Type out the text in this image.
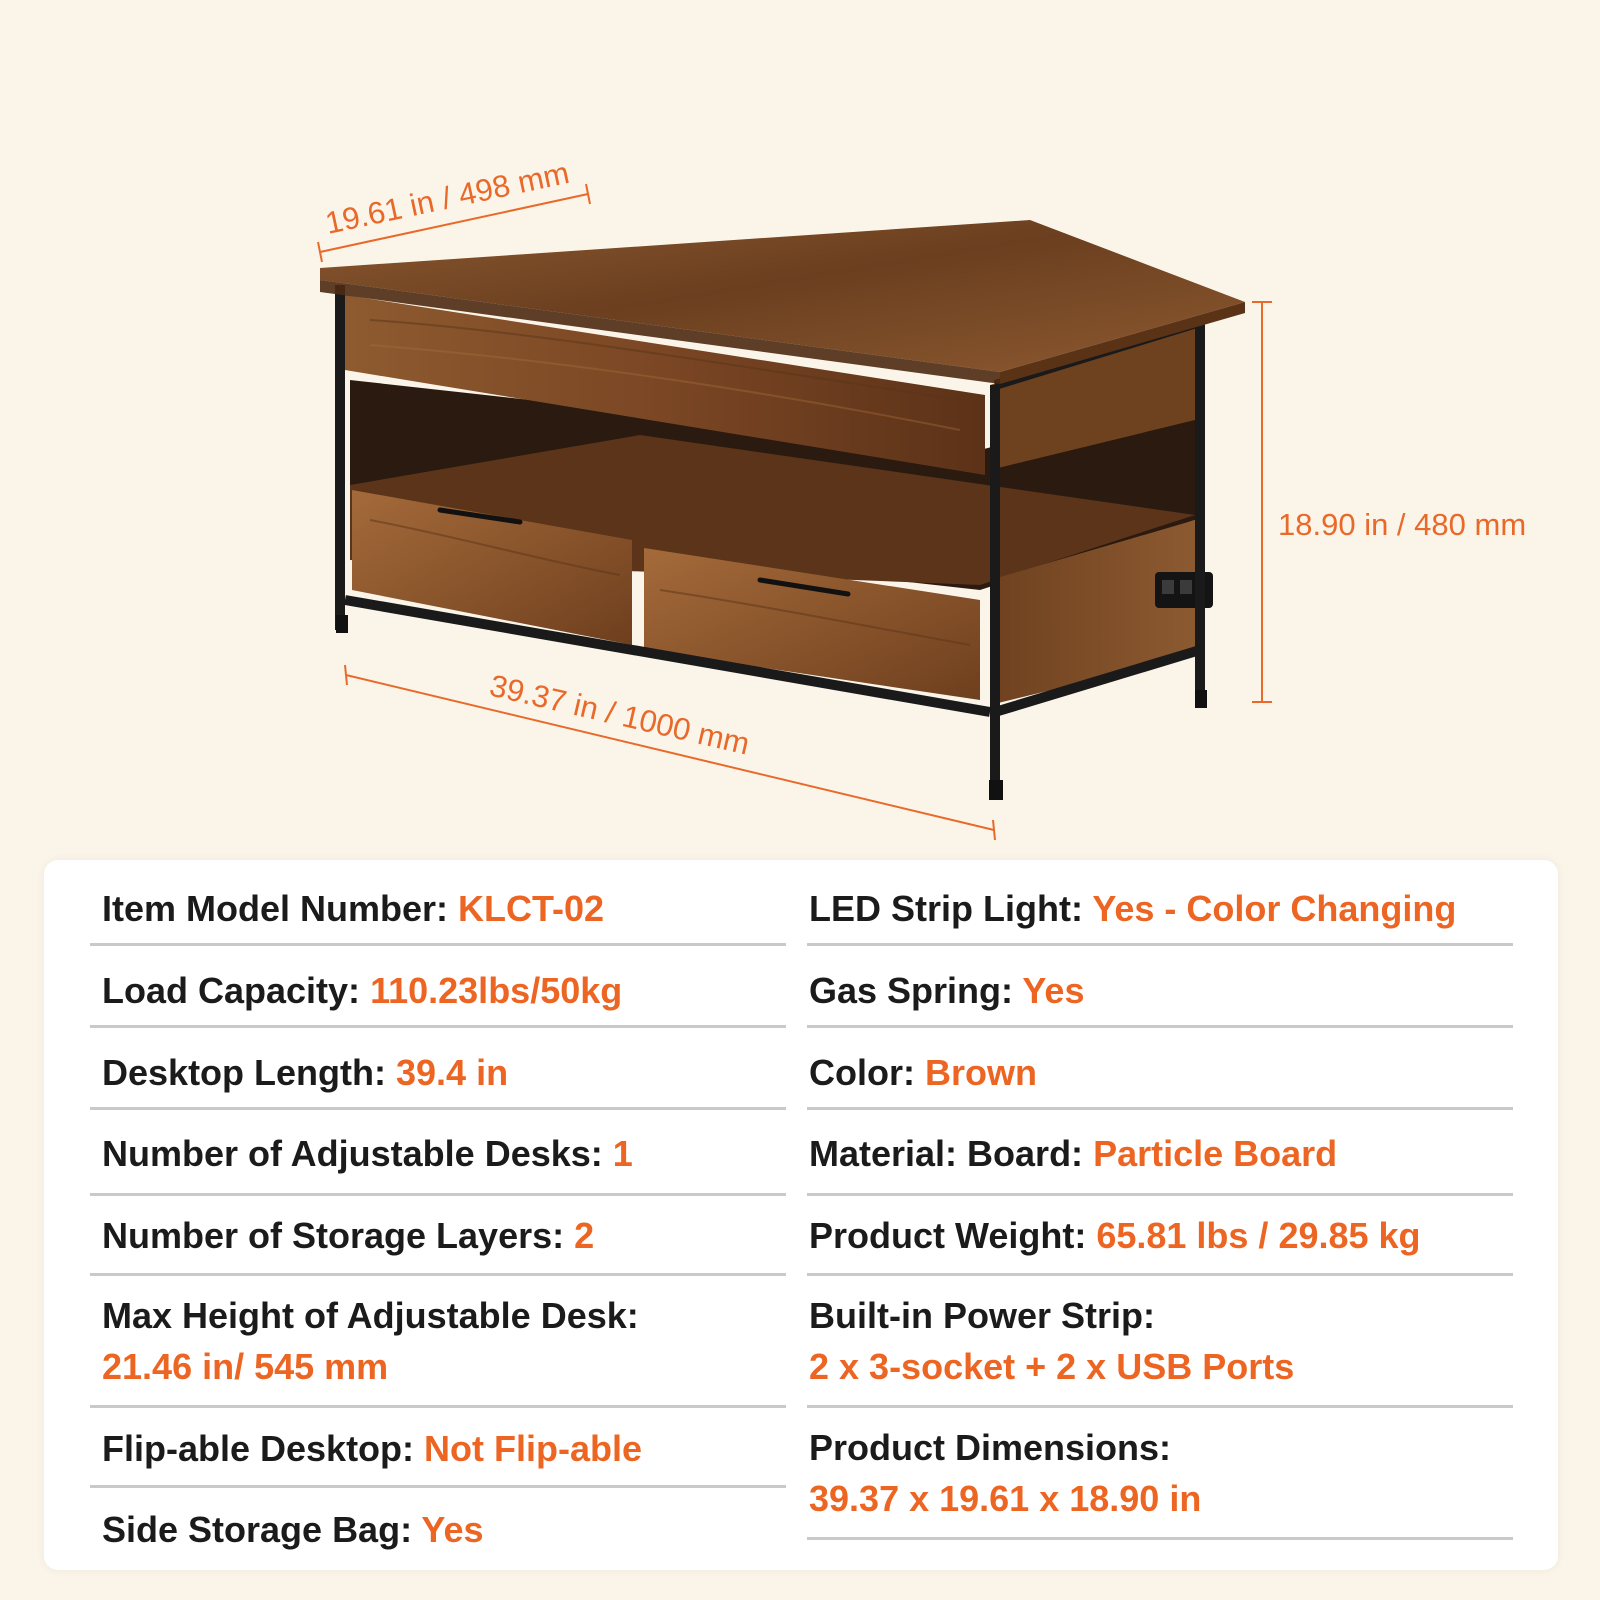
19.61 in / 498 mm
18.90 in / 480 mm
39.37 in / 1000 mm
Item Model Number: KLCT-02
Load Capacity: 110.23lbs/50kg
Desktop Length: 39.4 in
Number of Adjustable Desks: 1
Number of Storage Layers: 2
Max Height of Adjustable Desk:
21.46 in/ 545 mm
Flip-able Desktop: Not Flip-able
Side Storage Bag: Yes
LED Strip Light: Yes - Color Changing
Gas Spring: Yes
Color: Brown
Material: Board: Particle Board
Product Weight: 65.81 lbs / 29.85 kg
Built-in Power Strip:
2 x 3-socket + 2 x USB Ports
Product Dimensions:
39.37 x 19.61 x 18.90 in
